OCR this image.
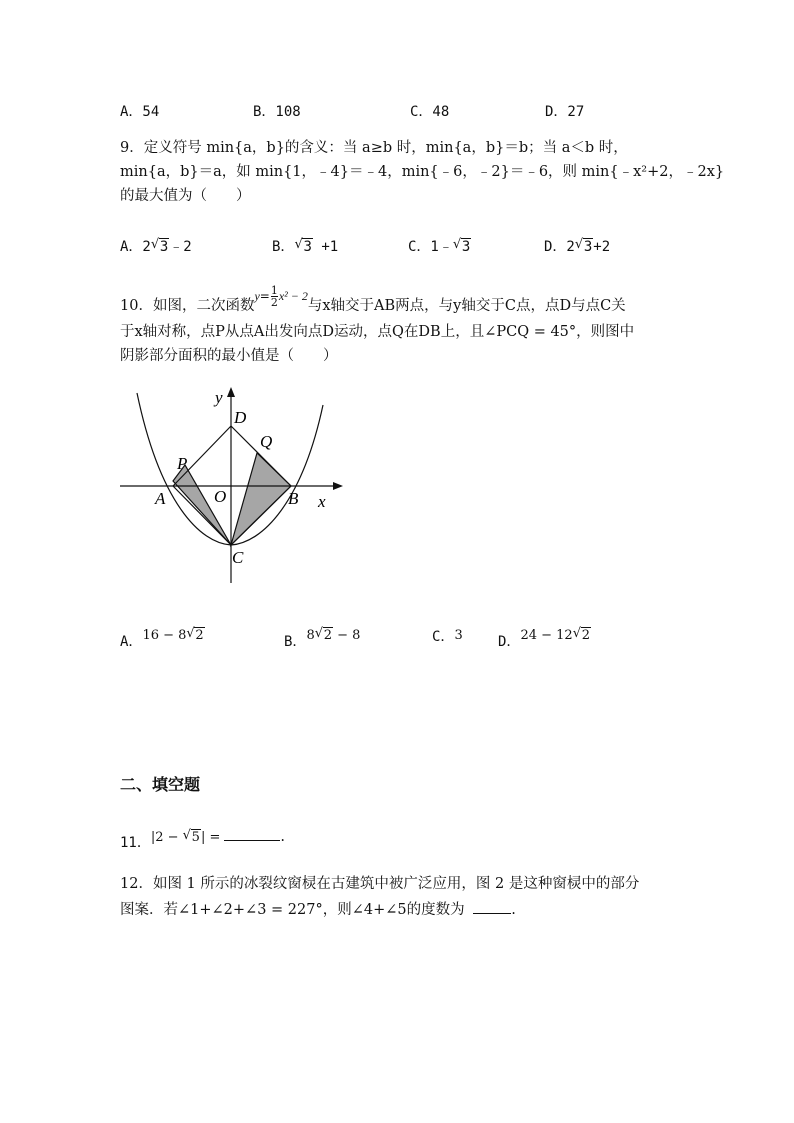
A．54	B．108	C．48	D．27
9．定义符号 min{a，b}的含义：当 a≥b 时，min{a，b}＝b；当 a＜b 时，
min{a，b}＝a，如 min{1，﹣4}＝﹣4，min{﹣6，﹣2}＝﹣6，则 min{﹣x²+2，﹣2x}
的最大值为（　　）
A．2 √ 3﹣2	B． √ 3 +1	C．1﹣ √ 3	D．2 √ 3+2
10．如图，二次函数$^{y=} \frac{1}{2} ^{x^2 - 2}$与x轴交于AB两点，与y轴交于C点，点D与点C关
于x轴对称，点P从点A出发向点D运动，点Q在DB上，且∠PCQ = 45°，则图中
阴影部分面积的最小值是（　　）
y
x
D
Q
P
A	O	B
C
A．16 − 8 √ 2	B．8 √ 2 − 8	C．3	D．24 − 12 √ 2
二、填空题
11．|2 − √ 5| =	.
12．如图 1 所示的冰裂纹窗棂在古建筑中被广泛应用，图 2 是这种窗棂中的部分
图案．若∠1+∠2+∠3 = 227°，则∠4+∠5的度数为	.
